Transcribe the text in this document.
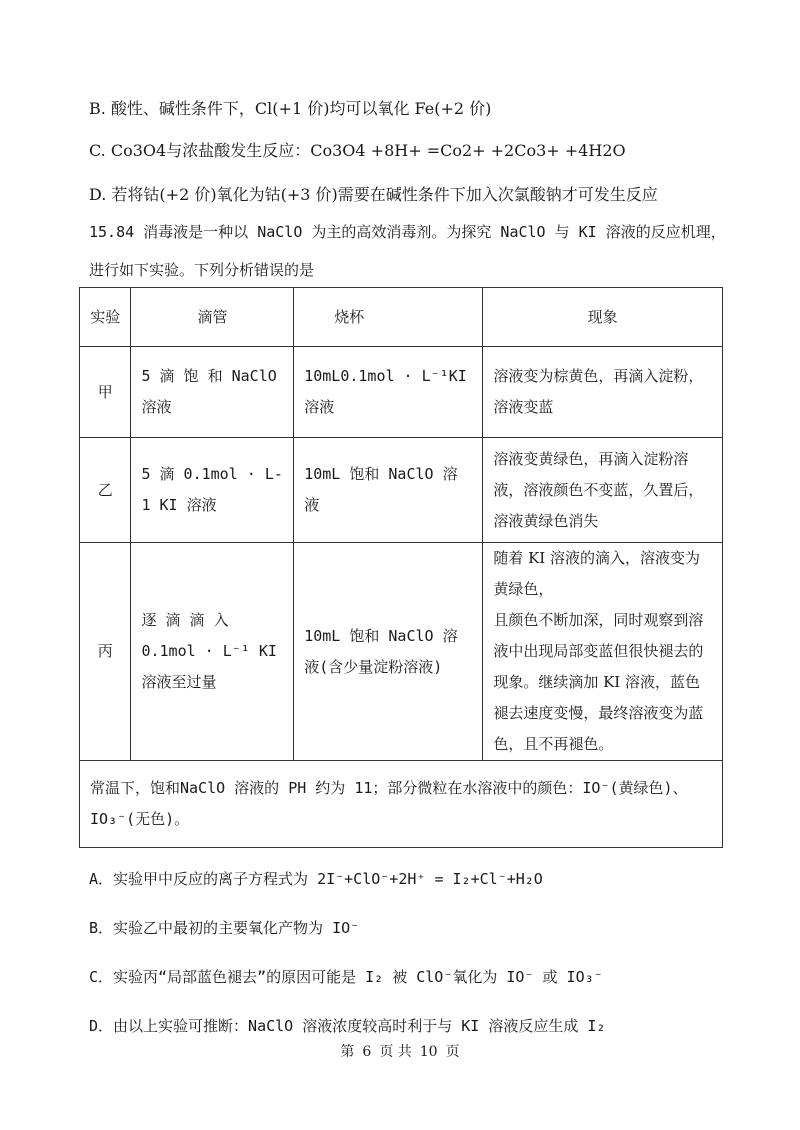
B. 酸性、碱性条件下，Cl(+1 价)均可以氧化 Fe(+2 价)
C. Co3O4与浓盐酸发生反应：Co3O4 +8H+ =Co2+ +2Co3+ +4H2O
D. 若将钴(+2 价)氧化为钴(+3 价)需要在碱性条件下加入次氯酸钠才可发生反应
15.84 消毒液是一种以 NaClO 为主的高效消毒剂。为探究 NaClO 与 KI 溶液的反应机理，进行如下实验。下列分析错误的是
实验	滴管	烧杯	现象
甲	5 滴 饱 和 NaClO 溶液	10mL0.1mol · L⁻¹KI 溶液	溶液变为棕黄色，再滴入淀粉，溶液变蓝
乙	5 滴 0.1mol · L-1 KI 溶液	10mL 饱和 NaClO 溶液	溶液变黄绿色，再滴入淀粉溶液，溶液颜色不变蓝，久置后，溶液黄绿色消失
丙	逐 滴 滴 入 0.1mol · L⁻¹ KI 溶液至过量	10mL 饱和 NaClO 溶液(含少量淀粉溶液)	随着 KI 溶液的滴入，溶液变为黄绿色，
且颜色不断加深，同时观察到溶液中出现局部变蓝但很快褪去的现象。继续滴加 KI 溶液，蓝色褪去速度变慢，最终溶液变为蓝色，且不再褪色。

常温下，饱和NaClO 溶液的 PH 约为 11；部分微粒在水溶液中的颜色：IO⁻(黄绿色)、IO₃⁻(无色)。			
A．实验甲中反应的离子方程式为 2I⁻+ClO⁻+2H⁺ = I₂+Cl⁻+H₂O
B．实验乙中最初的主要氧化产物为 IO⁻
C．实验丙“局部蓝色褪去”的原因可能是 I₂ 被 ClO⁻氧化为 IO⁻ 或 IO₃⁻
D．由以上实验可推断：NaClO 溶液浓度较高时利于与 KI 溶液反应生成 I₂
第 6 页 共 10 页
